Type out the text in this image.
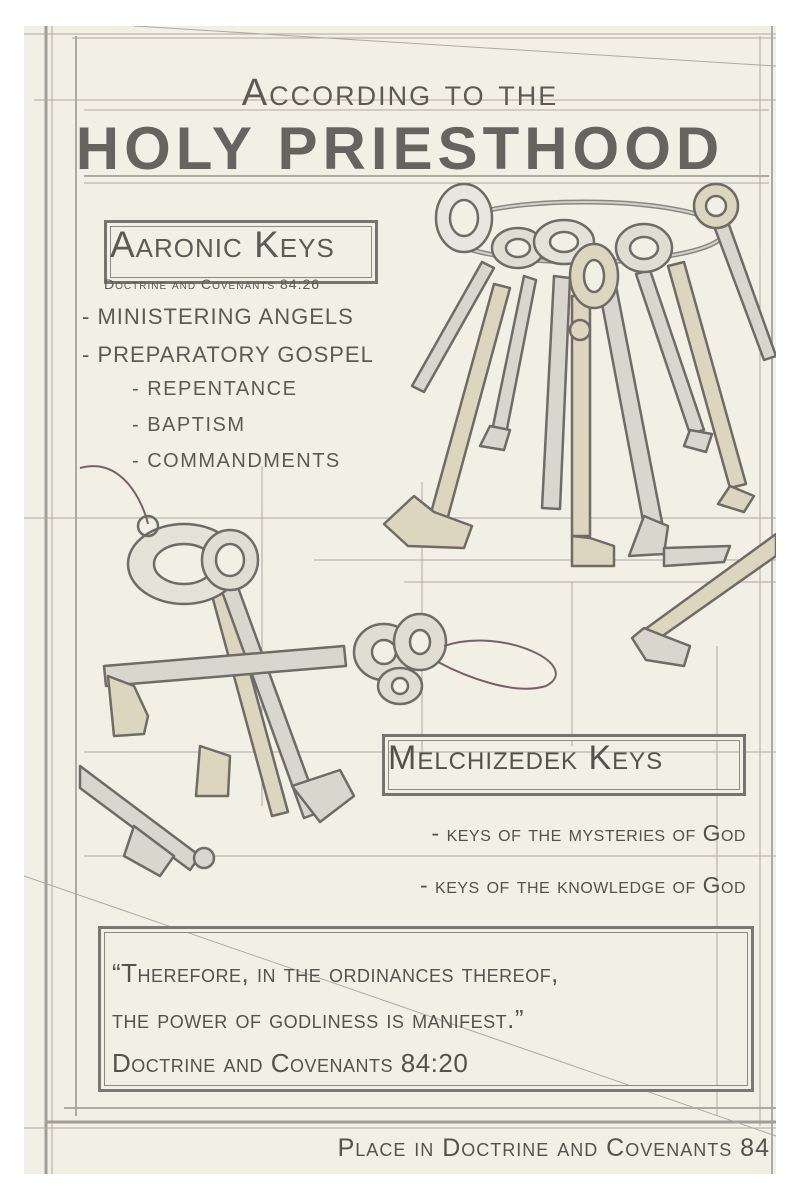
According to the
HOLY PRIESTHOOD
Aaronic Keys
Doctrine and Covenants 84:26
- MINISTERING ANGELS
- PREPARATORY GOSPEL
- REPENTANCE
- BAPTISM
- COMMANDMENTS
Melchizedek Keys
- keys of the mysteries of God
- keys of the knowledge of God
“Therefore, in the ordinances thereof,
the power of godliness is manifest.”
Doctrine and Covenants 84:20
Place in Doctrine and Covenants 84
